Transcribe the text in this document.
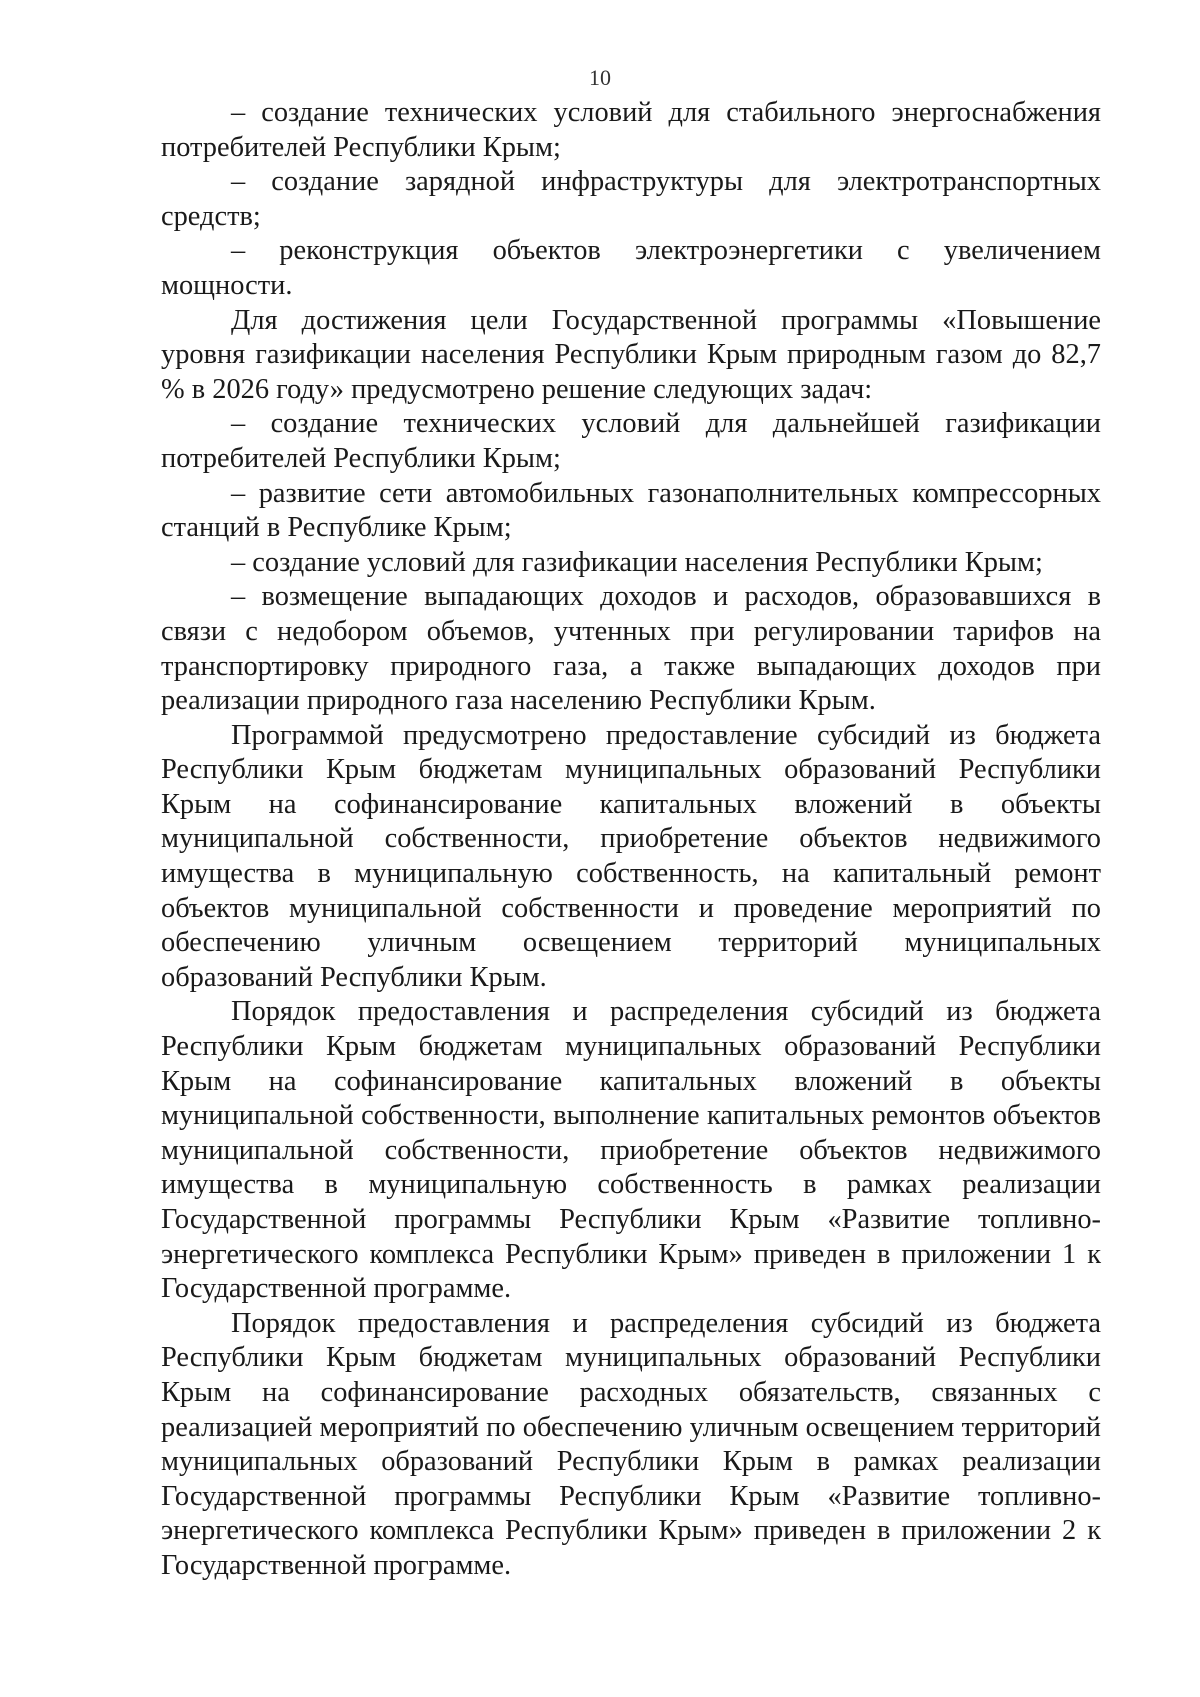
10

– создание технических условий для стабильного энергоснабжения потребителей Республики Крым;

– создание зарядной инфраструктуры для электротранспортных средств;

– реконструкция объектов электроэнергетики с увеличением мощности.

Для достижения цели Государственной программы «Повышение уровня газификации населения Республики Крым природным газом до 82,7 % в 2026 году» предусмотрено решение следующих задач:

– создание технических условий для дальнейшей газификации потребителей Республики Крым;

– развитие сети автомобильных газонаполнительных компрессорных станций в Республике Крым;

– создание условий для газификации населения Республики Крым;

– возмещение выпадающих доходов и расходов, образовавшихся в связи с недобором объемов, учтенных при регулировании тарифов на транспортировку природного газа, а также выпадающих доходов при реализации природного газа населению Республики Крым.

Программой предусмотрено предоставление субсидий из бюджета Республики Крым бюджетам муниципальных образований Республики Крым на софинансирование капитальных вложений в объекты муниципальной собственности, приобретение объектов недвижимого имущества в муниципальную собственность, на капитальный ремонт объектов муниципальной собственности и проведение мероприятий по обеспечению уличным освещением территорий муниципальных образований Республики Крым.

Порядок предоставления и распределения субсидий из бюджета Республики Крым бюджетам муниципальных образований Республики Крым на софинансирование капитальных вложений в объекты муниципальной собственности, выполнение капитальных ремонтов объектов муниципальной собственности, приобретение объектов недвижимого имущества в муниципальную собственность в рамках реализации Государственной программы Республики Крым «Развитие топливно-энергетического комплекса Республики Крым» приведен в приложении 1 к Государственной программе.

Порядок предоставления и распределения субсидий из бюджета Республики Крым бюджетам муниципальных образований Республики Крым на софинансирование расходных обязательств, связанных с реализацией мероприятий по обеспечению уличным освещением территорий муниципальных образований Республики Крым в рамках реализации Государственной программы Республики Крым «Развитие топливно-энергетического комплекса Республики Крым» приведен в приложении 2 к Государственной программе.
